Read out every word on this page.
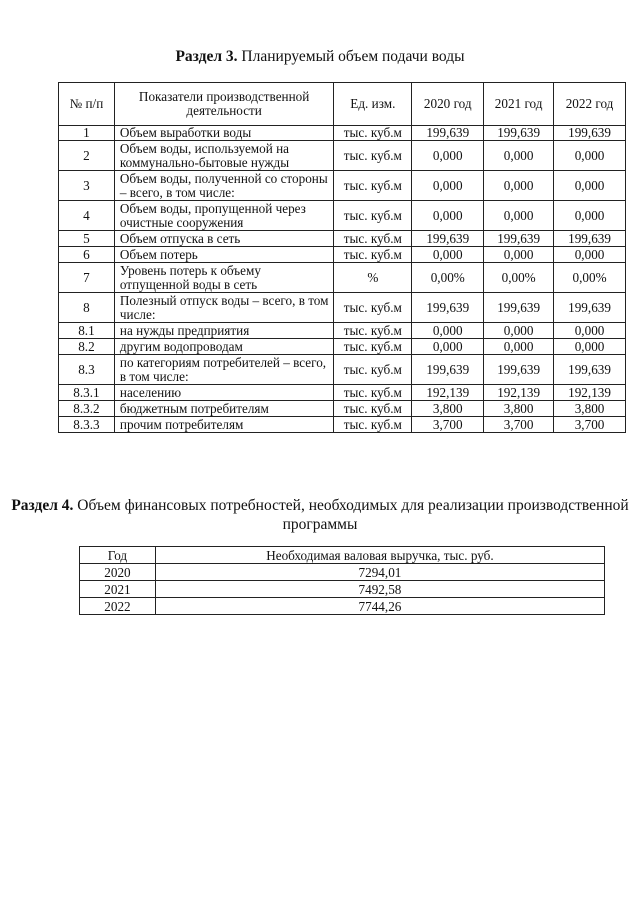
Раздел 3. Планируемый объем подачи воды
№ п/п	Показатели производственной деятельности	Ед. изм.	2020 год	2021 год	2022 год
1	Объем выработки воды	тыс. куб.м	199,639	199,639	199,639
2	Объем воды, используемой на коммунально-бытовые нужды	тыс. куб.м	0,000	0,000	0,000
3	Объем воды, полученной со стороны – всего, в том числе:	тыс. куб.м	0,000	0,000	0,000
4	Объем воды, пропущенной через очистные сооружения	тыс. куб.м	0,000	0,000	0,000
5	Объем отпуска в сеть	тыс. куб.м	199,639	199,639	199,639
6	Объем потерь	тыс. куб.м	0,000	0,000	0,000
7	Уровень потерь к объему отпущенной воды в сеть	%	0,00%	0,00%	0,00%
8	Полезный отпуск воды – всего, в том числе:	тыс. куб.м	199,639	199,639	199,639
8.1	на нужды предприятия	тыс. куб.м	0,000	0,000	0,000
8.2	другим водопроводам	тыс. куб.м	0,000	0,000	0,000
8.3	по категориям потребителей – всего, в том числе:	тыс. куб.м	199,639	199,639	199,639
8.3.1	населению	тыс. куб.м	192,139	192,139	192,139
8.3.2	бюджетным потребителям	тыс. куб.м	3,800	3,800	3,800
8.3.3	прочим потребителям	тыс. куб.м	3,700	3,700	3,700
Раздел 4. Объем финансовых потребностей, необходимых для реализации производственной программы
Год	Необходимая валовая выручка, тыс. руб.
2020	7294,01
2021	7492,58
2022	7744,26
